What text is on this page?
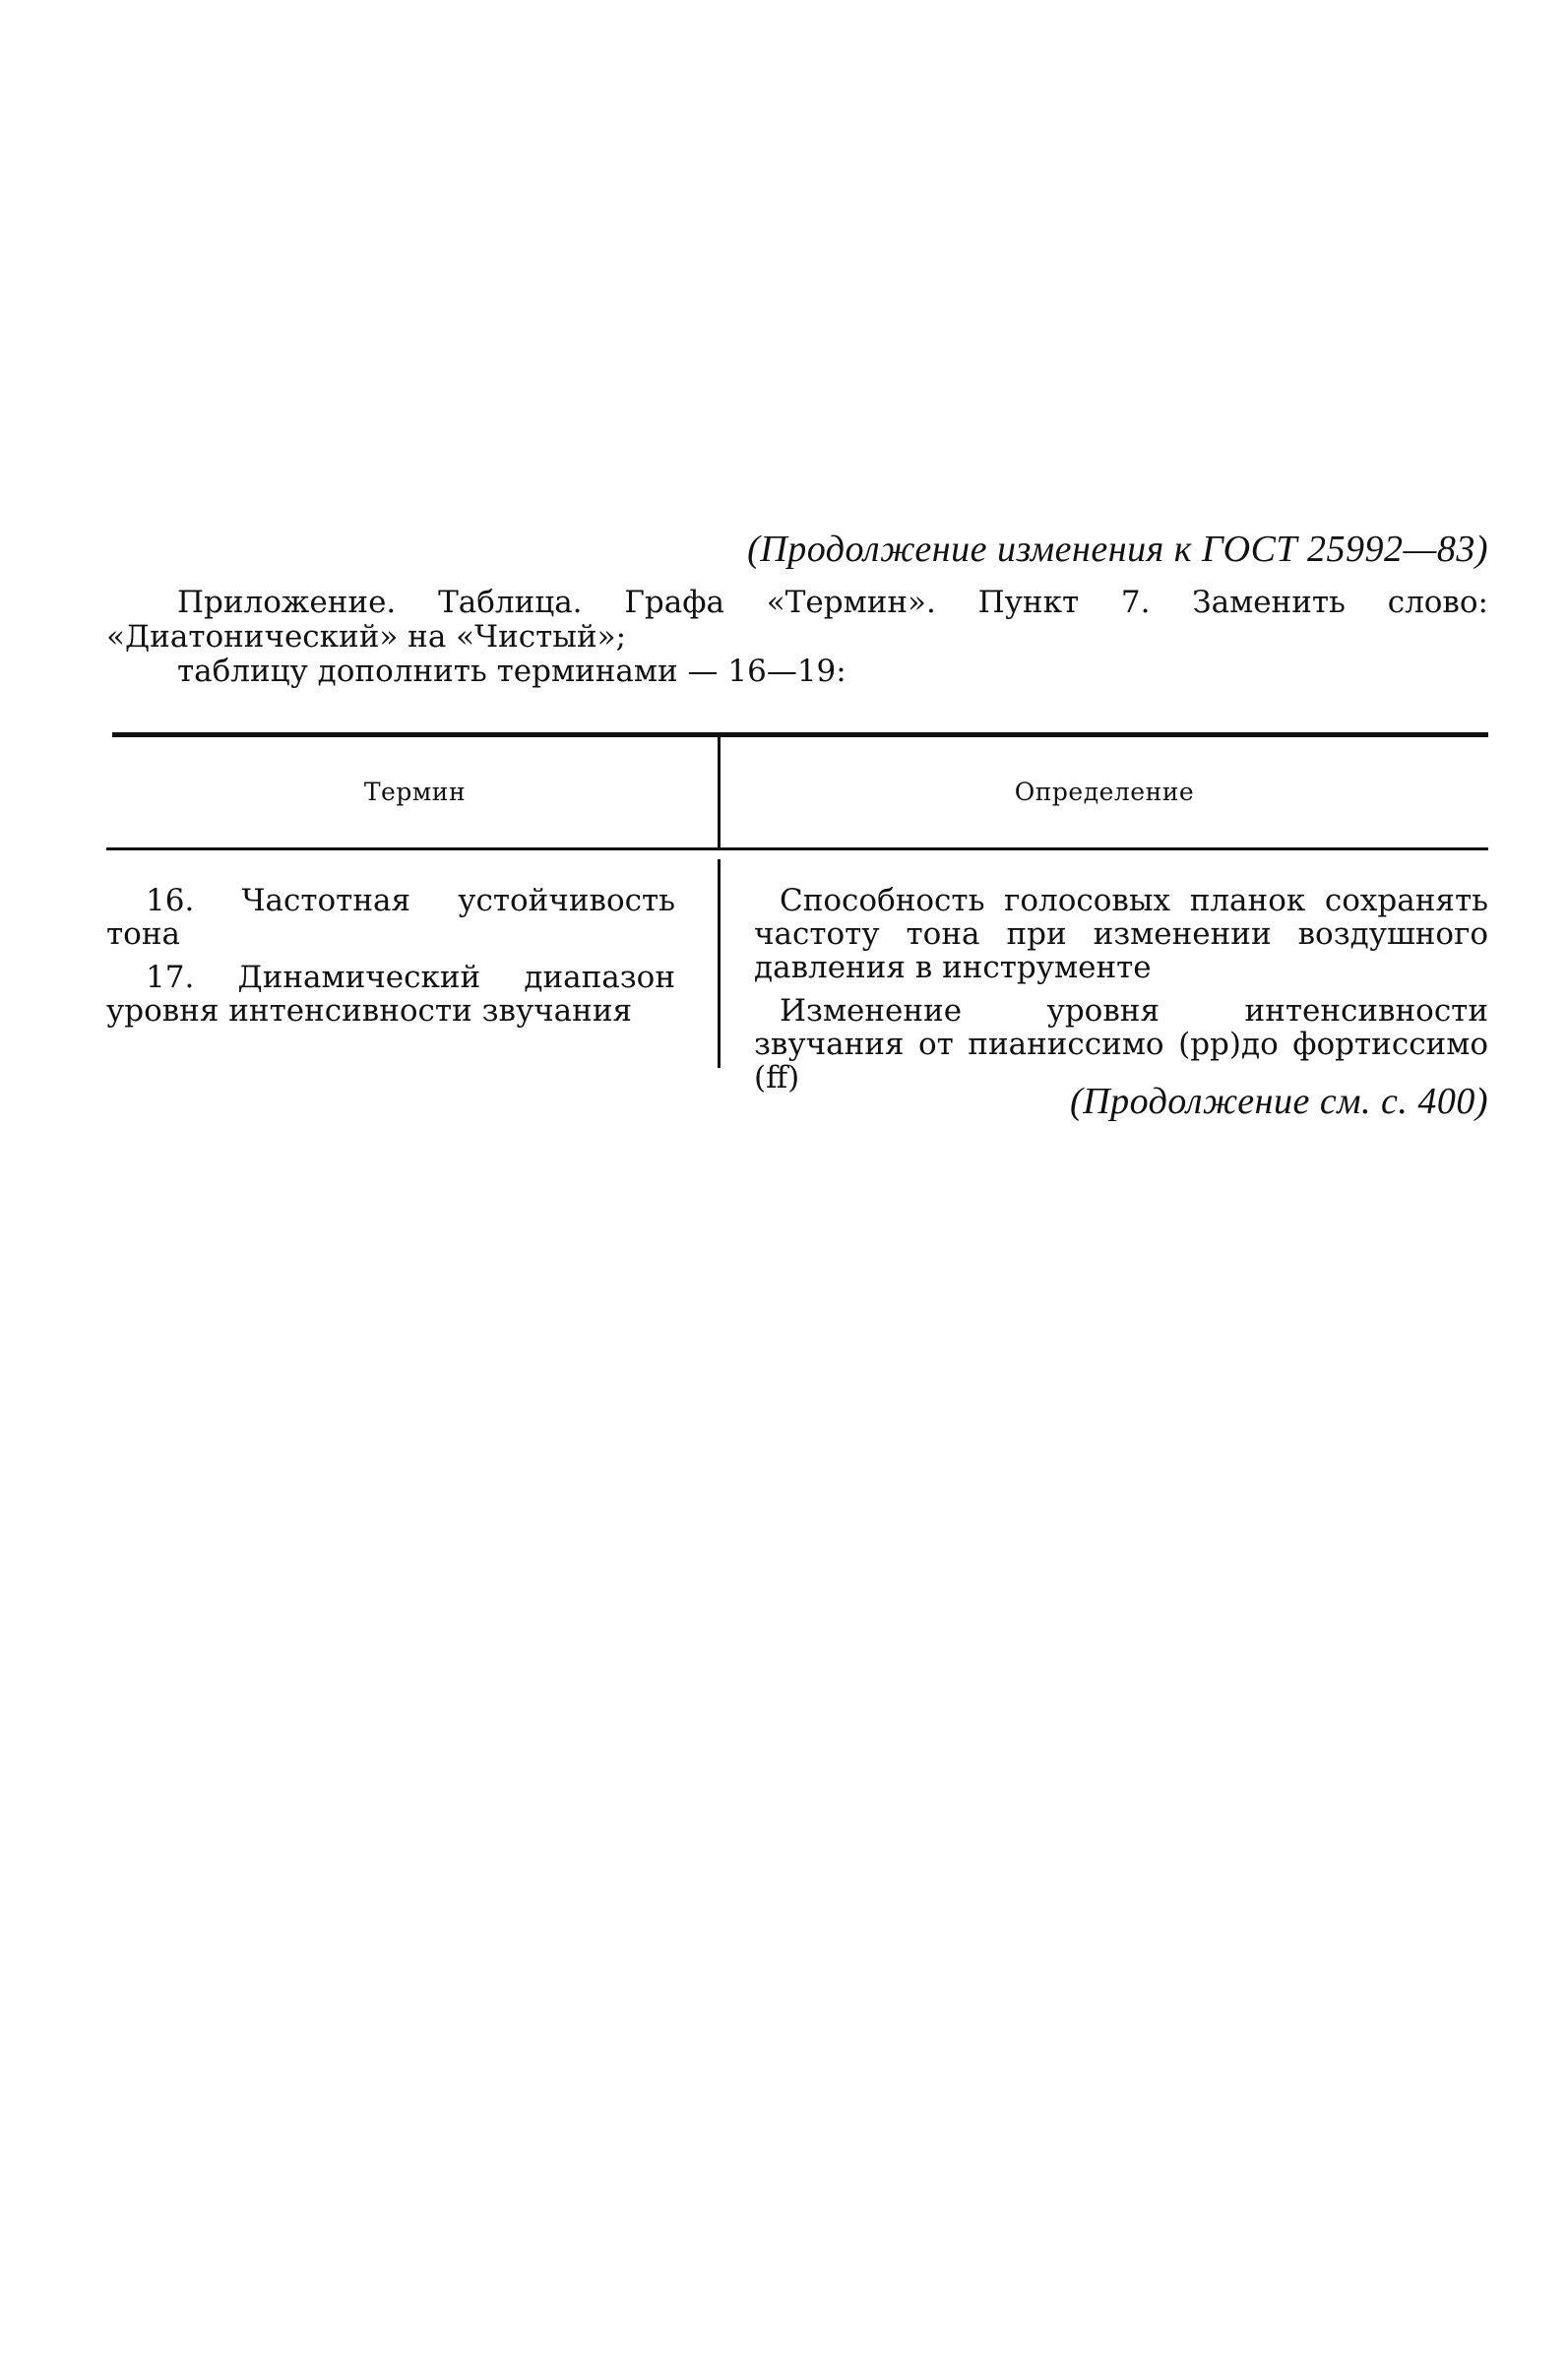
(Продолжение изменения к ГОСТ 25992—83)

Приложение. Таблица. Графа «Термин». Пункт 7. Заменить слово: «Диатонический» на «Чистый»;

таблицу дополнить терминами — 16—19:

Термин	Определение

16. Частотная устойчивость тона

17. Динамический диапазон уровня интенсивности звучания

Способность голосовых планок сохранять частоту тона при изменении воздушного давления в инструменте

Изменение уровня интенсивности звучания от пианиссимо (pp)до фортиссимо (ff)

(Продолжение см. с. 400)
